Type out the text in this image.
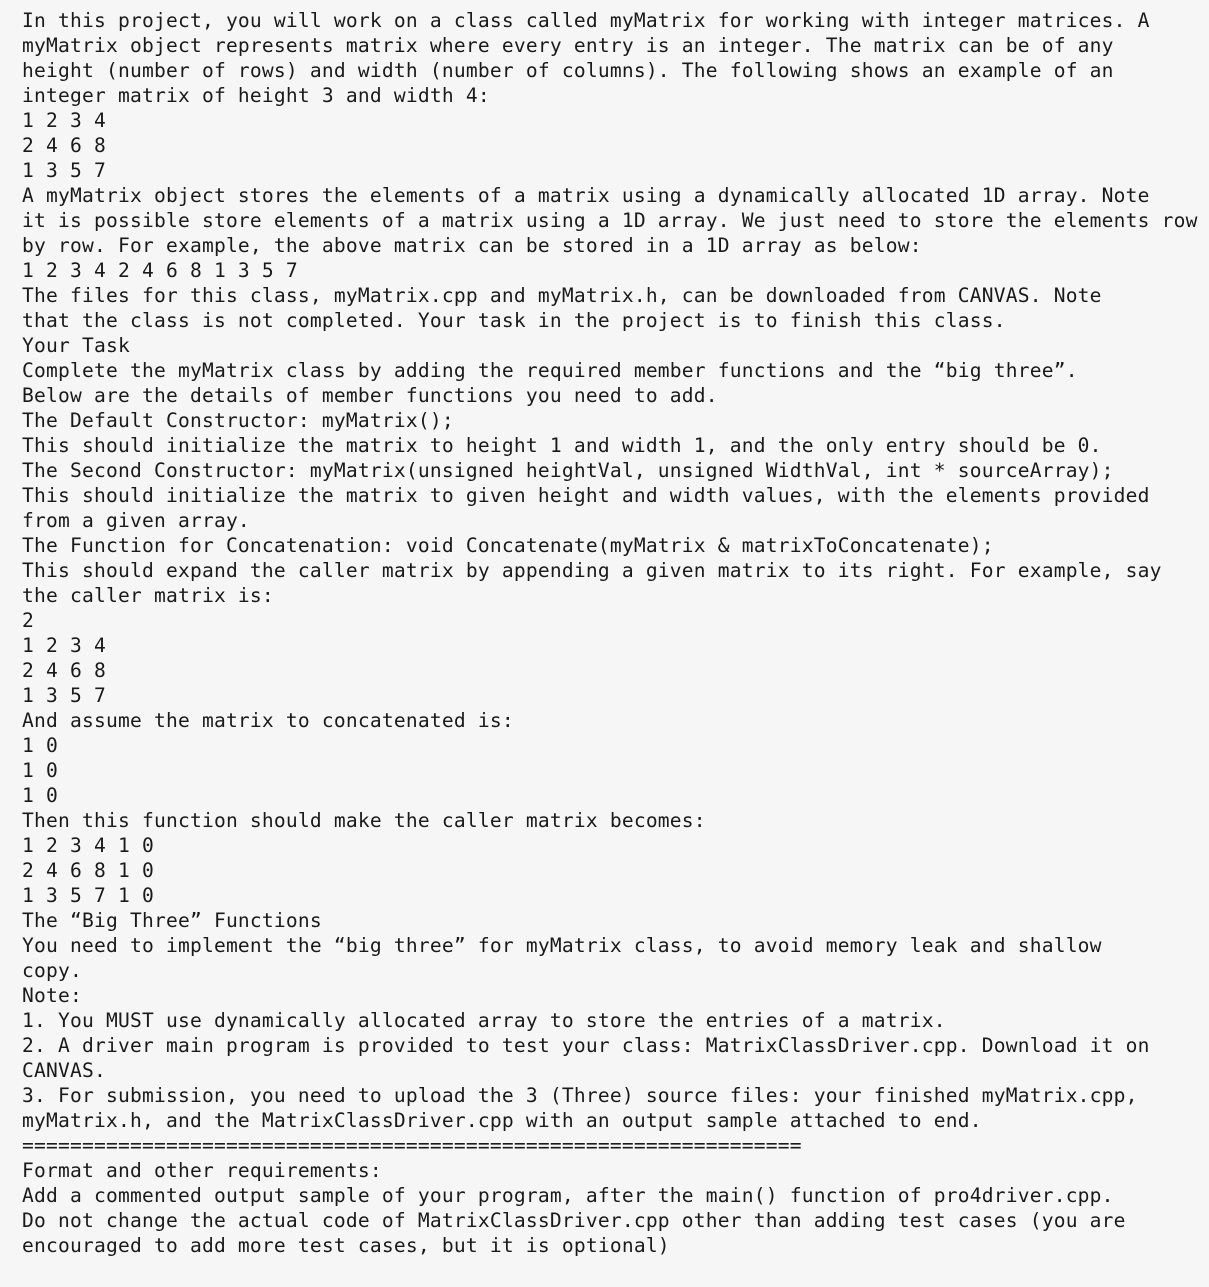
In this project, you will work on a class called myMatrix for working with integer matrices. A
myMatrix object represents matrix where every entry is an integer. The matrix can be of any
height (number of rows) and width (number of columns). The following shows an example of an
integer matrix of height 3 and width 4:
1 2 3 4
2 4 6 8
1 3 5 7
A myMatrix object stores the elements of a matrix using a dynamically allocated 1D array. Note
it is possible store elements of a matrix using a 1D array. We just need to store the elements row
by row. For example, the above matrix can be stored in a 1D array as below:
1 2 3 4 2 4 6 8 1 3 5 7
The files for this class, myMatrix.cpp and myMatrix.h, can be downloaded from CANVAS. Note
that the class is not completed. Your task in the project is to finish this class.
Your Task
Complete the myMatrix class by adding the required member functions and the “big three”.
Below are the details of member functions you need to add.
The Default Constructor: myMatrix();
This should initialize the matrix to height 1 and width 1, and the only entry should be 0.
The Second Constructor: myMatrix(unsigned heightVal, unsigned WidthVal, int * sourceArray);
This should initialize the matrix to given height and width values, with the elements provided
from a given array.
The Function for Concatenation: void Concatenate(myMatrix & matrixToConcatenate);
This should expand the caller matrix by appending a given matrix to its right. For example, say
the caller matrix is:
2
1 2 3 4
2 4 6 8
1 3 5 7
And assume the matrix to concatenated is:
1 0
1 0
1 0
Then this function should make the caller matrix becomes:
1 2 3 4 1 0
2 4 6 8 1 0
1 3 5 7 1 0
The “Big Three” Functions
You need to implement the “big three” for myMatrix class, to avoid memory leak and shallow
copy.
Note:
1. You MUST use dynamically allocated array to store the entries of a matrix.
2. A driver main program is provided to test your class: MatrixClassDriver.cpp. Download it on
CANVAS.
3. For submission, you need to upload the 3 (Three) source files: your finished myMatrix.cpp,
myMatrix.h, and the MatrixClassDriver.cpp with an output sample attached to end.
=================================================================
Format and other requirements:
Add a commented output sample of your program, after the main() function of pro4driver.cpp.
Do not change the actual code of MatrixClassDriver.cpp other than adding test cases (you are
encouraged to add more test cases, but it is optional)
